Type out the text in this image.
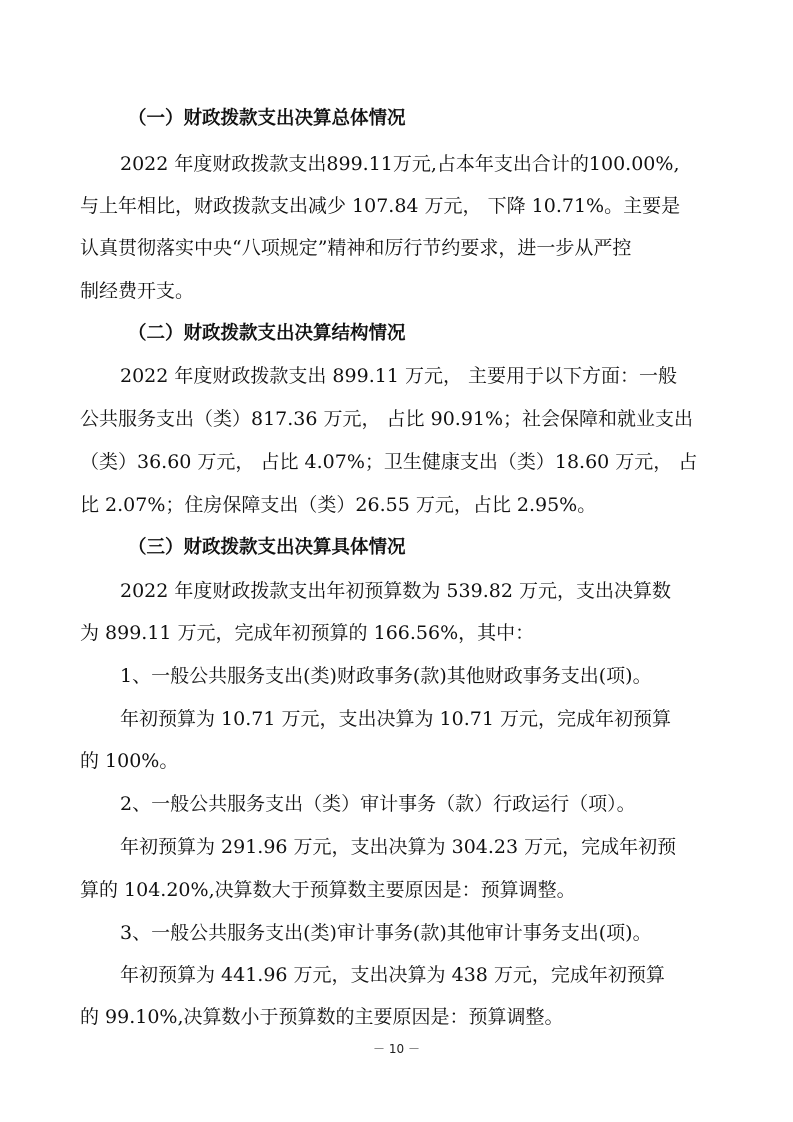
（一）财政拨款支出决算总体情况
2022 年度财政拨款支出899.11万元,占本年支出合计的100.00%,
与上年相比，财政拨款支出减少 107.84 万元， 下降 10.71%。主要是
认真贯彻落实中央“八项规定”精神和厉行节约要求，进一步从严控
制经费开支。
（二）财政拨款支出决算结构情况
2022 年度财政拨款支出 899.11 万元， 主要用于以下方面：一般
公共服务支出（类）817.36 万元， 占比 90.91%；社会保障和就业支出
（类）36.60 万元， 占比 4.07%；卫生健康支出（类）18.60 万元， 占
比 2.07%；住房保障支出（类）26.55 万元，占比 2.95%。
（三）财政拨款支出决算具体情况
2022 年度财政拨款支出年初预算数为 539.82 万元，支出决算数
为 899.11 万元，完成年初预算的 166.56%，其中：
1、一般公共服务支出(类)财政事务(款)其他财政事务支出(项)。
年初预算为 10.71 万元，支出决算为 10.71 万元，完成年初预算
的 100%。
2、一般公共服务支出（类）审计事务（款）行政运行（项）。
年初预算为 291.96 万元，支出决算为 304.23 万元，完成年初预
算的 104.20%,决算数大于预算数主要原因是：预算调整。
3、一般公共服务支出(类)审计事务(款)其他审计事务支出(项)。
年初预算为 441.96 万元，支出决算为 438 万元，完成年初预算
的 99.10%,决算数小于预算数的主要原因是：预算调整。
－ 10 －
